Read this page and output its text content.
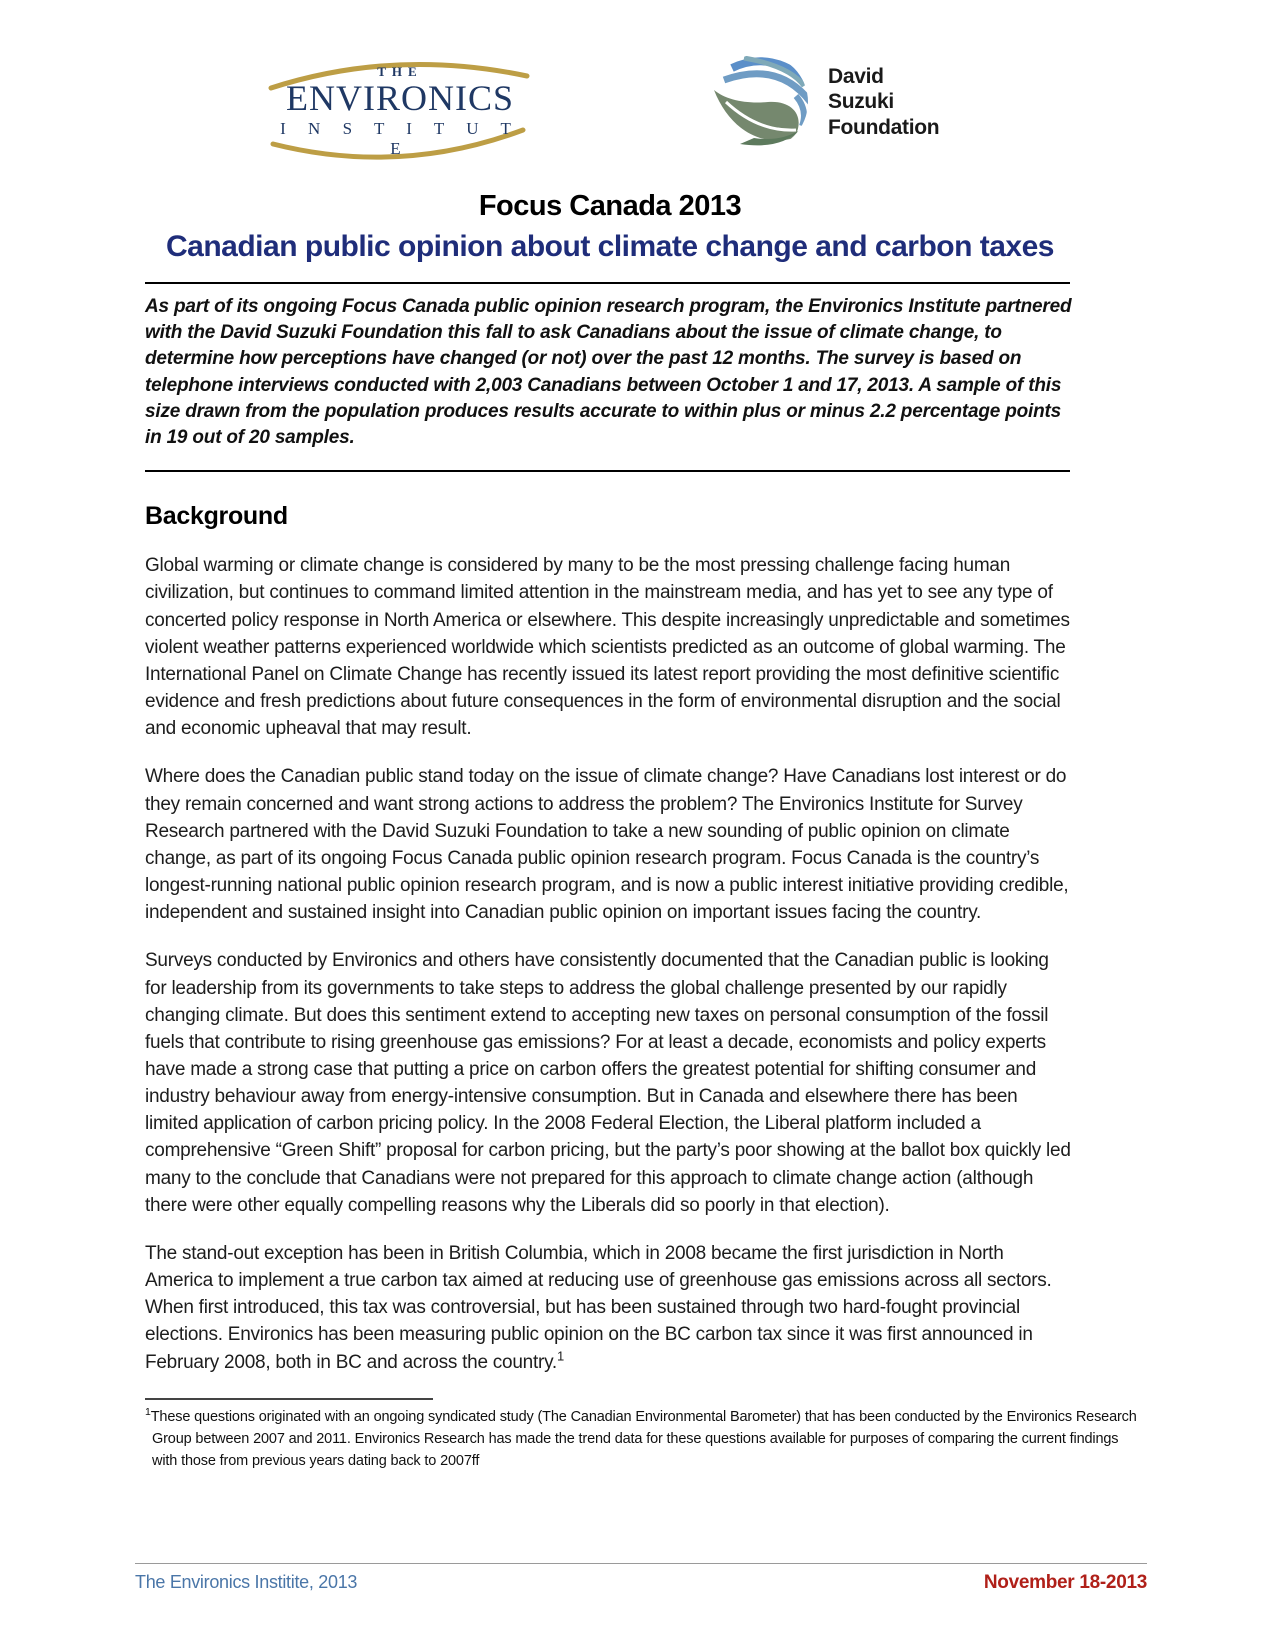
THE
ENVIRONICS
I N S T I T U T E
David
Suzuki
Foundation
Focus Canada 2013
Canadian public opinion about climate change and carbon taxes

As part of its ongoing Focus Canada public opinion research program, the Environics Institute partnered with the David Suzuki Foundation this fall to ask Canadians about the issue of climate change, to determine how perceptions have changed (or not) over the past 12 months. The survey is based on telephone interviews conducted with 2,003 Canadians between October 1 and 17, 2013. A sample of this size drawn from the population produces results accurate to within plus or minus 2.2 percentage points in 19 out of 20 samples.

Background

Global warming or climate change is considered by many to be the most pressing challenge facing human civilization, but continues to command limited attention in the mainstream media, and has yet to see any type of concerted policy response in North America or elsewhere. This despite increasingly unpredictable and sometimes violent weather patterns experienced worldwide which scientists predicted as an outcome of global warming. The International Panel on Climate Change has recently issued its latest report providing the most definitive scientific evidence and fresh predictions about future consequences in the form of environmental disruption and the social and economic upheaval that may result.

Where does the Canadian public stand today on the issue of climate change? Have Canadians lost interest or do they remain concerned and want strong actions to address the problem? The Environics Institute for Survey Research partnered with the David Suzuki Foundation to take a new sounding of public opinion on climate change, as part of its ongoing Focus Canada public opinion research program. Focus Canada is the country’s longest-running national public opinion research program, and is now a public interest initiative providing credible, independent and sustained insight into Canadian public opinion on important issues facing the country.

Surveys conducted by Environics and others have consistently documented that the Canadian public is looking for leadership from its governments to take steps to address the global challenge presented by our rapidly changing climate. But does this sentiment extend to accepting new taxes on personal consumption of the fossil fuels that contribute to rising greenhouse gas emissions? For at least a decade, economists and policy experts have made a strong case that putting a price on carbon offers the greatest potential for shifting consumer and industry behaviour away from energy-intensive consumption. But in Canada and elsewhere there has been limited application of carbon pricing policy. In the 2008 Federal Election, the Liberal platform included a comprehensive “Green Shift” proposal for carbon pricing, but the party’s poor showing at the ballot box quickly led many to the conclude that Canadians were not prepared for this approach to climate change action (although there were other equally compelling reasons why the Liberals did so poorly in that election).

The stand-out exception has been in British Columbia, which in 2008 became the first jurisdiction in North America to implement a true carbon tax aimed at reducing use of greenhouse gas emissions across all sectors. When first introduced, this tax was controversial, but has been sustained through two hard-fought provincial elections. Environics has been measuring public opinion on the BC carbon tax since it was first announced in February 2008, both in BC and across the country.$^1$

$^1$These questions originated with an ongoing syndicated study (The Canadian Environmental Barometer) that has been conducted by the Environics Research Group between 2007 and 2011. Environics Research has made the trend data for these questions available for purposes of comparing the current findings with those from previous years dating back to 2007ff

The Environics Institite, 2013	November 18-2013
